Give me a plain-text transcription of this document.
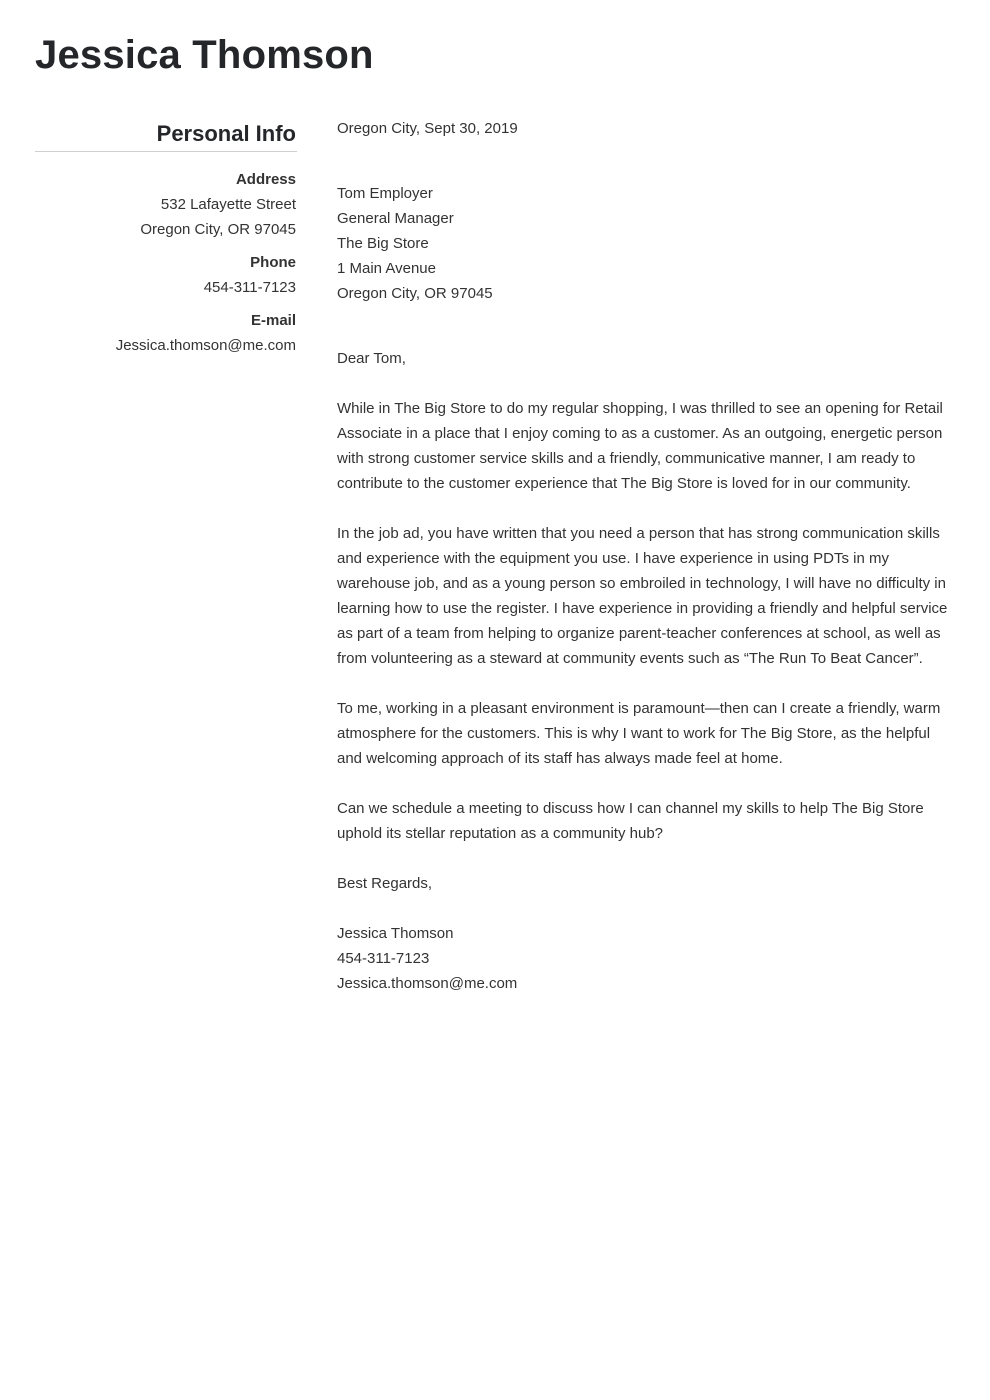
Jessica Thomson
Personal Info
Address
532 Lafayette Street
Oregon City, OR 97045
Phone
454-311-7123
E-mail
Jessica.thomson@me.com

Oregon City, Sept 30, 2019

Tom Employer

General Manager

The Big Store

1 Main Avenue

Oregon City, OR 97045

Dear Tom,

While in The Big Store to do my regular shopping, I was thrilled to see an opening for Retail Associate in a place that I enjoy coming to as a customer. As an outgoing, energetic person with strong customer service skills and a friendly, communicative manner, I am ready to contribute to the customer experience that The Big Store is loved for in our community.

In the job ad, you have written that you need a person that has strong communication skills and experience with the equipment you use. I have experience in using PDTs in my warehouse job, and as a young person so embroiled in technology, I will have no difficulty in learning how to use the register. I have experience in providing a friendly and helpful service as part of a team from helping to organize parent-teacher conferences at school, as well as from volunteering as a steward at community events such as “The Run To Beat Cancer”.

To me, working in a pleasant environment is paramount—then can I create a friendly, warm atmosphere for the customers. This is why I want to work for The Big Store, as the helpful and welcoming approach of its staff has always made feel at home.

Can we schedule a meeting to discuss how I can channel my skills to help The Big Store uphold its stellar reputation as a community hub?

Best Regards,

Jessica Thomson

454-311-7123

Jessica.thomson@me.com
